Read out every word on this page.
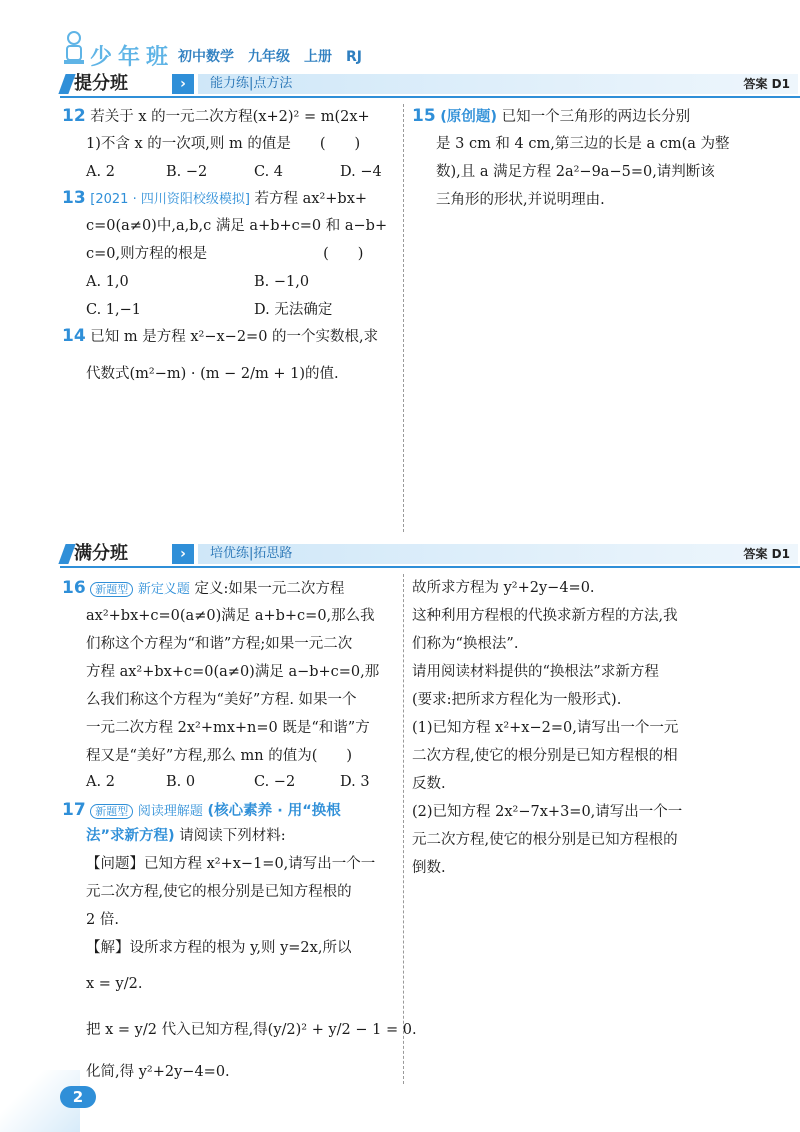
少年班 初中数学　九年级　上册　RJ
提分班	›	能力练|点方法	答案 D1
12 若关于 x 的一元二次方程(x+2)² = m(2x+
1)不含 x 的一次项,则 m 的值是　　(　　)
A. 2	B. −2	C. 4	D. −4
13 [2021 · 四川资阳校级模拟] 若方程 ax²+bx+
c=0(a≠0)中,a,b,c 满足 a+b+c=0 和 a−b+
c=0,则方程的根是　　　　　　　　(　　)
A. 1,0	B. −1,0
C. 1,−1	D. 无法确定
14 已知 m 是方程 x²−x−2=0 的一个实数根,求
代数式(m²−m) · (m − 2/m + 1)的值.
15 (原创题) 已知一个三角形的两边长分别
是 3 cm 和 4 cm,第三边的长是 a cm(a 为整
数),且 a 满足方程 2a²−9a−5=0,请判断该
三角形的形状,并说明理由.
满分班	›	培优练|拓思路	答案 D1
16 新题型 新定义题 定义:如果一元二次方程
ax²+bx+c=0(a≠0)满足 a+b+c=0,那么我
们称这个方程为“和谐”方程;如果一元二次
方程 ax²+bx+c=0(a≠0)满足 a−b+c=0,那
么我们称这个方程为“美好”方程. 如果一个
一元二次方程 2x²+mx+n=0 既是“和谐”方
程又是“美好”方程,那么 mn 的值为(　　)
A. 2	B. 0	C. −2	D. 3
17 新题型 阅读理解题 (核心素养 · 用“换根
法”求新方程) 请阅读下列材料:
【问题】已知方程 x²+x−1=0,请写出一个一
元二次方程,使它的根分别是已知方程根的
2 倍.
【解】设所求方程的根为 y,则 y=2x,所以
x = y/2.
把 x = y/2 代入已知方程,得(y/2)² + y/2 − 1 = 0.
化简,得 y²+2y−4=0.
故所求方程为 y²+2y−4=0.
这种利用方程根的代换求新方程的方法,我
们称为“换根法”.
请用阅读材料提供的“换根法”求新方程
(要求:把所求方程化为一般形式).
(1)已知方程 x²+x−2=0,请写出一个一元
二次方程,使它的根分别是已知方程根的相
反数.
(2)已知方程 2x²−7x+3=0,请写出一个一
元二次方程,使它的根分别是已知方程根的
倒数.
2
